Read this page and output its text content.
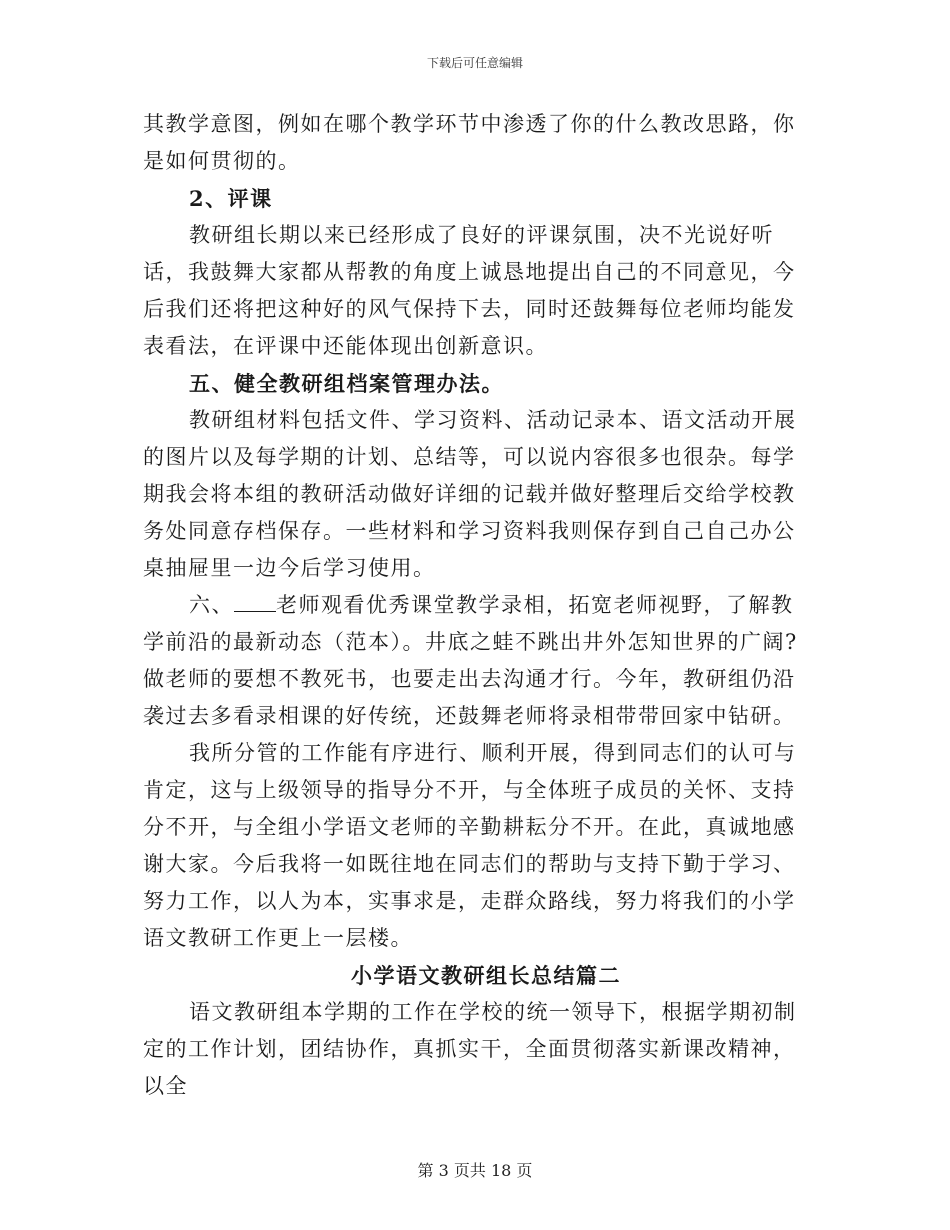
下载后可任意编辑

其教学意图，例如在哪个教学环节中渗透了你的什么教改思路，你是如何贯彻的。

2、评课

教研组长期以来已经形成了良好的评课氛围，决不光说好听话，我鼓舞大家都从帮教的角度上诚恳地提出自己的不同意见，今后我们还将把这种好的风气保持下去，同时还鼓舞每位老师均能发表看法，在评课中还能体现出创新意识。

五、健全教研组档案管理办法。

教研组材料包括文件、学习资料、活动记录本、语文活动开展的图片以及每学期的计划、总结等，可以说内容很多也很杂。每学期我会将本组的教研活动做好详细的记载并做好整理后交给学校教务处同意存档保存。一些材料和学习资料我则保存到自己自己办公桌抽屉里一边今后学习使用。

六、 老师观看优秀课堂教学录相，拓宽老师视野，了解教学前沿的最新动态（范本）。井底之蛙不跳出井外怎知世界的广阔?做老师的要想不教死书，也要走出去沟通才行。今年，教研组仍沿袭过去多看录相课的好传统，还鼓舞老师将录相带带回家中钻研。

我所分管的工作能有序进行、顺利开展，得到同志们的认可与肯定，这与上级领导的指导分不开，与全体班子成员的关怀、支持分不开，与全组小学语文老师的辛勤耕耘分不开。在此，真诚地感谢大家。今后我将一如既往地在同志们的帮助与支持下勤于学习、努力工作，以人为本，实事求是，走群众路线，努力将我们的小学语文教研工作更上一层楼。

小学语文教研组长总结篇二

语文教研组本学期的工作在学校的统一领导下，根据学期初制定的工作计划，团结协作，真抓实干，全面贯彻落实新课改精神，以全

第 3 页共 18 页
